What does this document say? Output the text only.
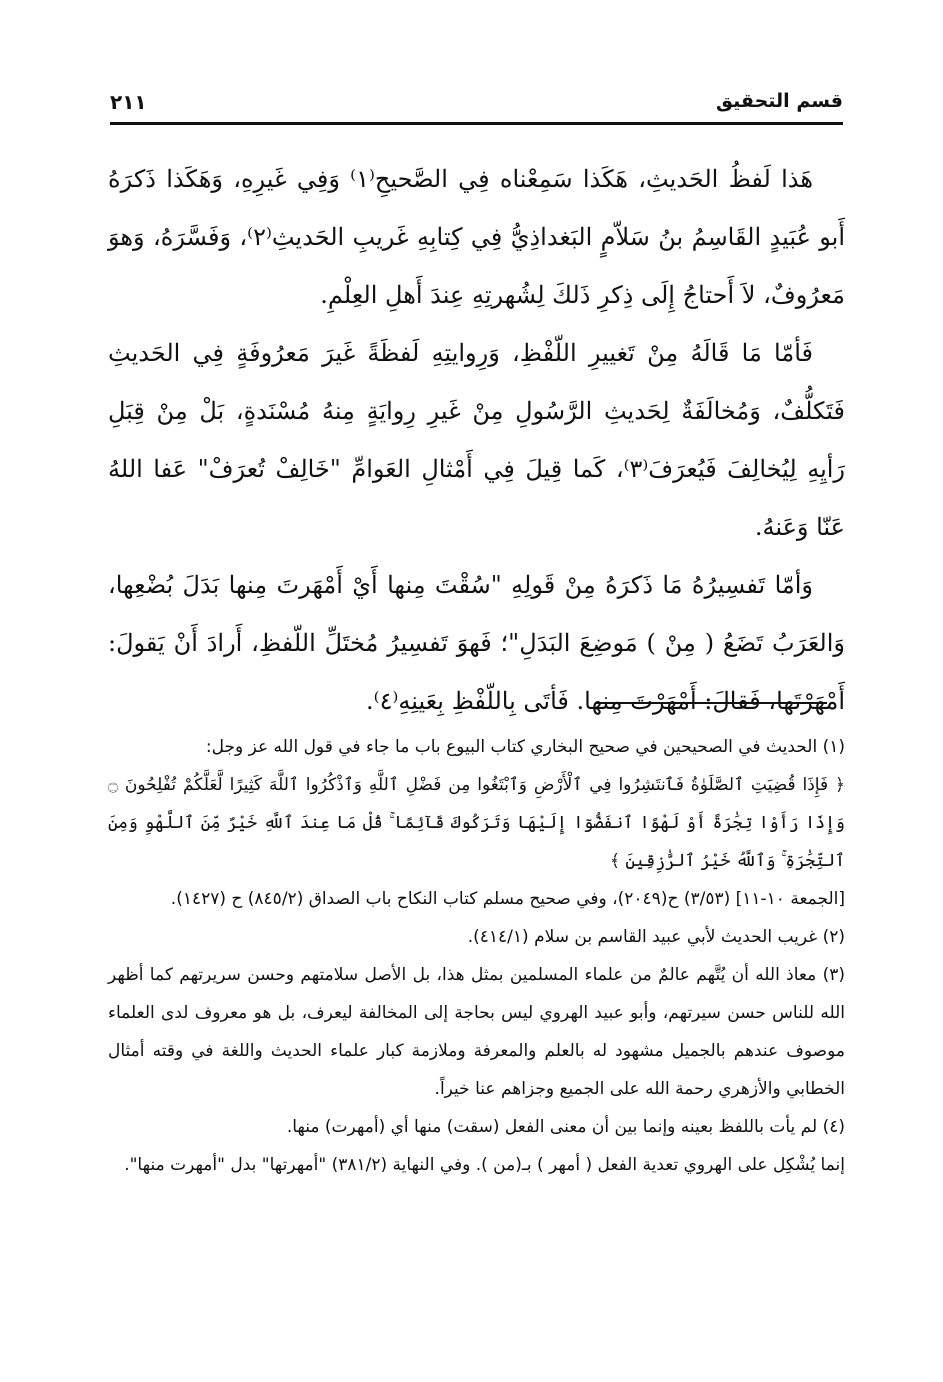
قسم التحقيق
٢١١

هَذا لَفظُ الحَديثِ، هَكَذا سَمِعْناه فِي الصَّحيحِ⁽١⁾ وَفِي غَيرِهِ، وَهَكَذا ذَكرَهُ أَبو عُبَيدٍ القَاسِمُ بنُ سَلاّمٍ البَغداذِيُّ فِي كِتابِهِ غَريبِ الحَديثِ⁽٢⁾، وَفَسَّرَهُ، وَهوَ مَعرُوفٌ، لاَ أَحتاجُ إِلَى ذِكرِ ذَلكَ لِشُهرتِهِ عِندَ أَهلِ العِلْمِ.

فَأمّا مَا قَالَهُ مِنْ تَغييرِ اللّفْظِ، وَرِوايتِهِ لَفظَةً غَيرَ مَعرُوفَةٍ فِي الحَديثِ فَتَكلُّفٌ، وَمُخالَفَةٌ لِحَديثِ الرَّسُولِ مِنْ غَيرِ رِوايَةٍ مِنهُ مُسْنَدةٍ، بَلْ مِنْ قِبَلِ رَأيِهِ لِيُخالِفَ فَيُعرَفَ⁽٣⁾، كَما قِيلَ فِي أَمْثالِ العَوامِّ "خَالِفْ تُعرَفْ" عَفا اللهُ عَنّا وَعَنهُ.

وَأمّا تَفسِيرُهُ مَا ذَكرَهُ مِنْ قَولِهِ "سُقْتَ مِنها أَيْ أَمْهَرتَ مِنها بَدَلَ بُضْعِها، وَالعَرَبُ تَضَعُ ( مِنْ ) مَوضِعَ البَدَلِ"؛ فَهوَ تَفسِيرُ مُختَلِّ اللّفظِ، أَرادَ أَنْ يَقولَ: أَمْهَرْتَها، فَقالَ: أَمْهَرْتَ مِنها. فَأتَى بِاللّفْظِ بِعَينِهِ⁽٤⁾.

(١) الحديث في الصحيحين في صحيح البخاري كتاب البيوع باب ما جاء في قول الله عز وجل:

﴿ فَإِذَا قُضِيَتِ ٱلصَّلَوٰةُ فَٱنتَشِرُوا فِي ٱلْأَرْضِ وَٱبْتَغُوا مِن فَضْلِ ٱللَّهِ وَٱذْكُرُوا ٱللَّهَ كَثِيرًا لَّعَلَّكُمْ تُفْلِحُونَ ۝ وَإِذَا رَأَوْا تِجَٰرَةً أَوْ لَهْوًا ٱنفَضُّوٓا إِلَيْهَا وَتَرَكُوكَ قَآئِمًا ۚ قُلْ مَا عِندَ ٱللَّهِ خَيْرٌ مِّنَ ٱللَّهْوِ وَمِنَ ٱلتِّجَٰرَةِ ۚ وَٱللَّهُ خَيْرُ ٱلرَّٰزِقِينَ ﴾

[الجمعة ١٠-١١] (٣/٥٣) ح(٢٠٤٩)، وفي صحيح مسلم كتاب النكاح باب الصداق (٨٤٥/٢) ح (١٤٢٧).

(٢) غريب الحديث لأبي عبيد القاسم بن سلام (٤١٤/١).

(٣) معاذ الله أن يُتَّهم عالمٌ من علماء المسلمين بمثل هذا، بل الأصل سلامتهم وحسن سريرتهم كما أظهر الله للناس حسن سيرتهم، وأبو عبيد الهروي ليس بحاجة إلى المخالفة ليعرف، بل هو معروف لدى العلماء موصوف عندهم بالجميل مشهود له بالعلم والمعرفة وملازمة كبار علماء الحديث واللغة في وقته أمثال الخطابي والأزهري رحمة الله على الجميع وجزاهم عنا خيراً.

(٤) لم يأت باللفظ بعينه وإنما بين أن معنى الفعل (سقت) منها أي (أمهرت) منها.

إنما يُشْكِل على الهروي تعدية الفعل ( أمهر ) بـ(من ). وفي النهاية (٣٨١/٢) "أمهرتها" بدل "أمهرت منها".
